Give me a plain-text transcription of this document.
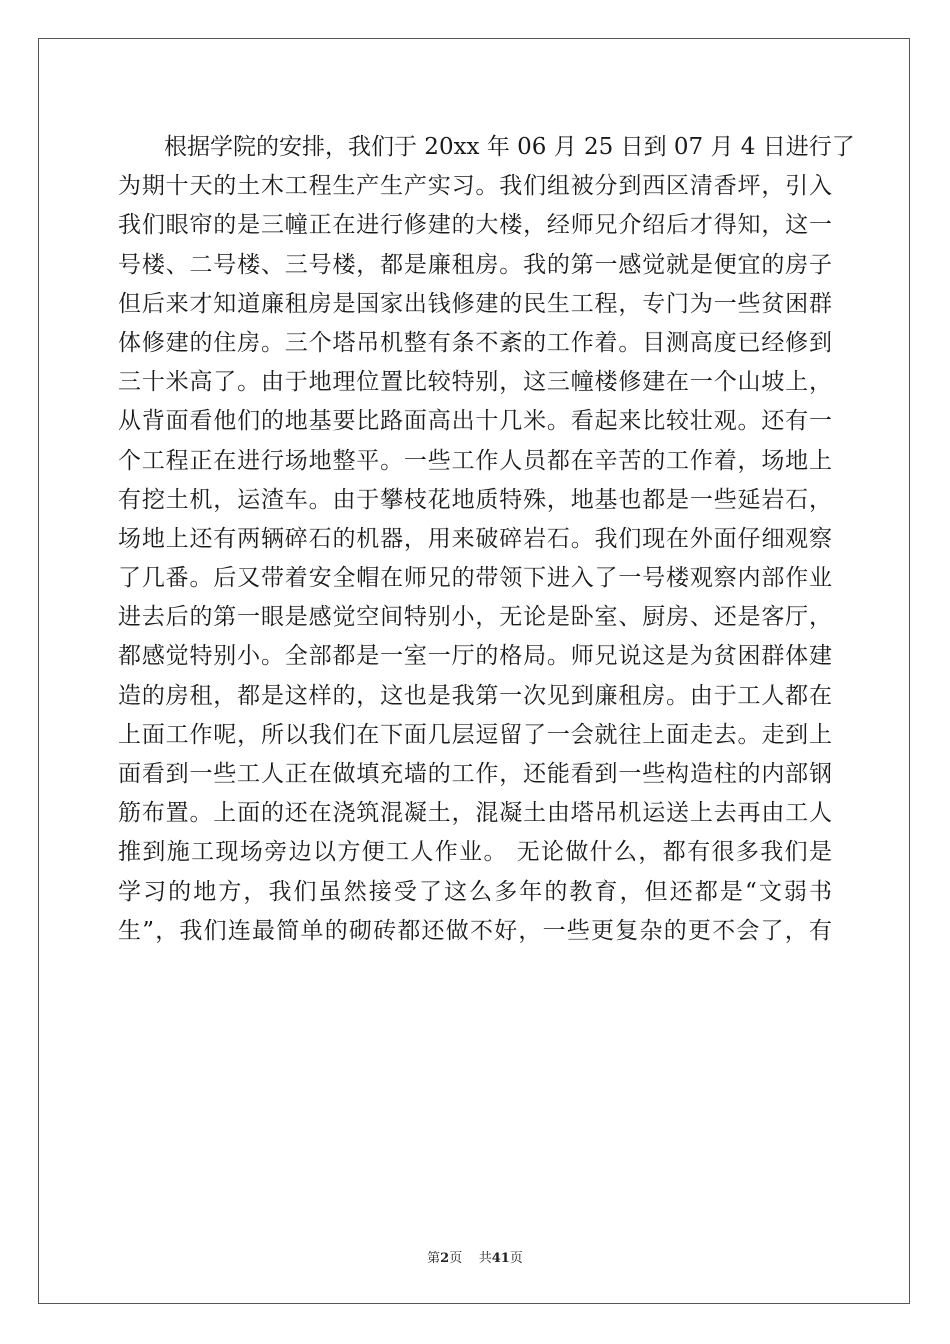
　　根据学院的安排，我们于 20xx 年 06 月 25 日到 07 月 4 日进行了
为期十天的土木工程生产生产实习。我们组被分到西区清香坪，引入
我们眼帘的是三幢正在进行修建的大楼，经师兄介绍后才得知，这一
号楼、二号楼、三号楼，都是廉租房。我的第一感觉就是便宜的房子
但后来才知道廉租房是国家出钱修建的民生工程，专门为一些贫困群
体修建的住房。三个塔吊机整有条不紊的工作着。目测高度已经修到
三十米高了。由于地理位置比较特别，这三幢楼修建在一个山坡上，
从背面看他们的地基要比路面高出十几米。看起来比较壮观。还有一
个工程正在进行场地整平。一些工作人员都在辛苦的工作着，场地上
有挖土机，运渣车。由于攀枝花地质特殊，地基也都是一些延岩石，
场地上还有两辆碎石的机器，用来破碎岩石。我们现在外面仔细观察
了几番。后又带着安全帽在师兄的带领下进入了一号楼观察内部作业
进去后的第一眼是感觉空间特别小，无论是卧室、厨房、还是客厅，
都感觉特别小。全部都是一室一厅的格局。师兄说这是为贫困群体建
造的房租，都是这样的，这也是我第一次见到廉租房。由于工人都在
上面工作呢，所以我们在下面几层逗留了一会就往上面走去。走到上
面看到一些工人正在做填充墙的工作，还能看到一些构造柱的内部钢
筋布置。上面的还在浇筑混凝土，混凝土由塔吊机运送上去再由工人
推到施工现场旁边以方便工人作业。 无论做什么，都有很多我们是
学习的地方，我们虽然接受了这么多年的教育，但还都是“文弱书
生”，我们连最简单的砌砖都还做不好，一些更复杂的更不会了，有
第2页 共41页
